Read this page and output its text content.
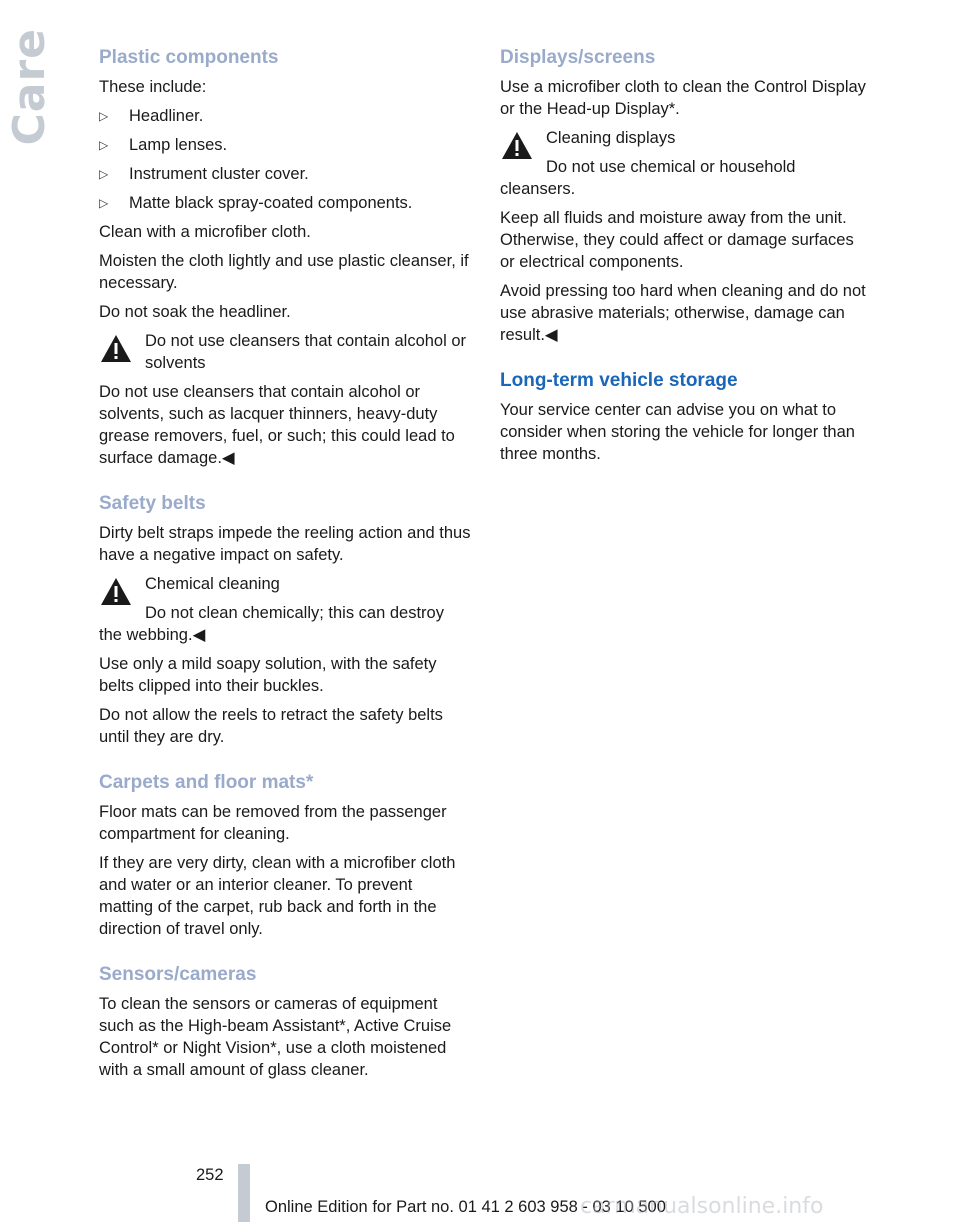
Care Plastic components

These include:

▷ Headliner.
▷ Lamp lenses.
▷ Instrument cluster cover.
▷ Matte black spray-coated components.

Clean with a microfiber cloth.

Moisten the cloth lightly and use plastic cleanser, if necessary.

Do not soak the headliner.

Do not use cleansers that contain alcohol or solvents

Do not use cleansers that contain alcohol or solvents, such as lacquer thinners, heavy-duty grease removers, fuel, or such; this could lead to surface damage.◀

Safety belts

Dirty belt straps impede the reeling action and thus have a negative impact on safety.

Chemical cleaning

Do not clean chemically; this can destroy the webbing.◀

Use only a mild soapy solution, with the safety belts clipped into their buckles.

Do not allow the reels to retract the safety belts until they are dry.

Carpets and floor mats*

Floor mats can be removed from the passenger compartment for cleaning.

If they are very dirty, clean with a microfiber cloth and water or an interior cleaner. To prevent matting of the carpet, rub back and forth in the direction of travel only.

Sensors/cameras

To clean the sensors or cameras of equipment such as the High-beam Assistant*, Active Cruise Control* or Night Vision*, use a cloth moistened with a small amount of glass cleaner.

Displays/screens

Use a microfiber cloth to clean the Control Display or the Head-up Display*.

Cleaning displays

Do not use chemical or household cleansers.

Keep all fluids and moisture away from the unit. Otherwise, they could affect or damage surfaces or electrical components.

Avoid pressing too hard when cleaning and do not use abrasive materials; otherwise, damage can result.◀

Long-term vehicle storage

Your service center can advise you on what to consider when storing the vehicle for longer than three months.

252
Online Edition for Part no. 01 41 2 603 958 - 03 10 500
carmanualsonline.info
